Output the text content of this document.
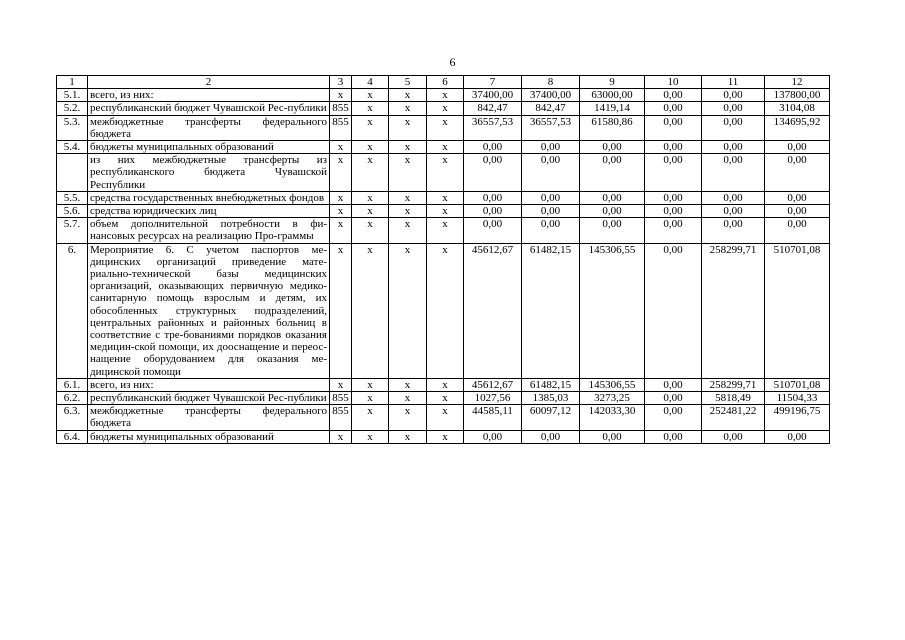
6
1	2	3	4	5	6	7	8	9	10	11	12
5.1.	всего, из них:	x	x	x	x	37400,00	37400,00	63000,00	0,00	0,00	137800,00
5.2.	республиканский бюджет Чувашской Рес-публики	855	x	x	x	842,47	842,47	1419,14	0,00	0,00	3104,08
5.3.	межбюджетные трансферты федерального бюджета	855	x	x	x	36557,53	36557,53	61580,86	0,00	0,00	134695,92
5.4.	бюджеты муниципальных образований	x	x	x	x	0,00	0,00	0,00	0,00	0,00	0,00
	из них межбюджетные трансферты из республиканского бюджета Чувашской Республики	x	x	x	x	0,00	0,00	0,00	0,00	0,00	0,00
5.5.	средства государственных внебюджетных фондов	x	x	x	x	0,00	0,00	0,00	0,00	0,00	0,00
5.6.	средства юридических лиц	x	x	x	x	0,00	0,00	0,00	0,00	0,00	0,00
5.7.	объем дополнительной потребности в фи-нансовых ресурсах на реализацию Про-граммы	x	x	x	x	0,00	0,00	0,00	0,00	0,00	0,00
6.	Мероприятие 6. С учетом паспортов ме-дицинских организаций приведение мате-риально-технической базы медицинских организаций, оказывающих первичную медико-санитарную помощь взрослым и детям, их обособленных структурных подразделений, центральных районных и районных больниц в соответствие с тре-бованиями порядков оказания медицин-ской помощи, их дооснащение и переос-нащение оборудованием для оказания ме-дицинской помощи	x	x	x	x	45612,67	61482,15	145306,55	0,00	258299,71	510701,08
6.1.	всего, из них:	x	x	x	x	45612,67	61482,15	145306,55	0,00	258299,71	510701,08
6.2.	республиканский бюджет Чувашской Рес-публики	855	x	x	x	1027,56	1385,03	3273,25	0,00	5818,49	11504,33
6.3.	межбюджетные трансферты федерального бюджета	855	x	x	x	44585,11	60097,12	142033,30	0,00	252481,22	499196,75
6.4.	бюджеты муниципальных образований	x	x	x	x	0,00	0,00	0,00	0,00	0,00	0,00
